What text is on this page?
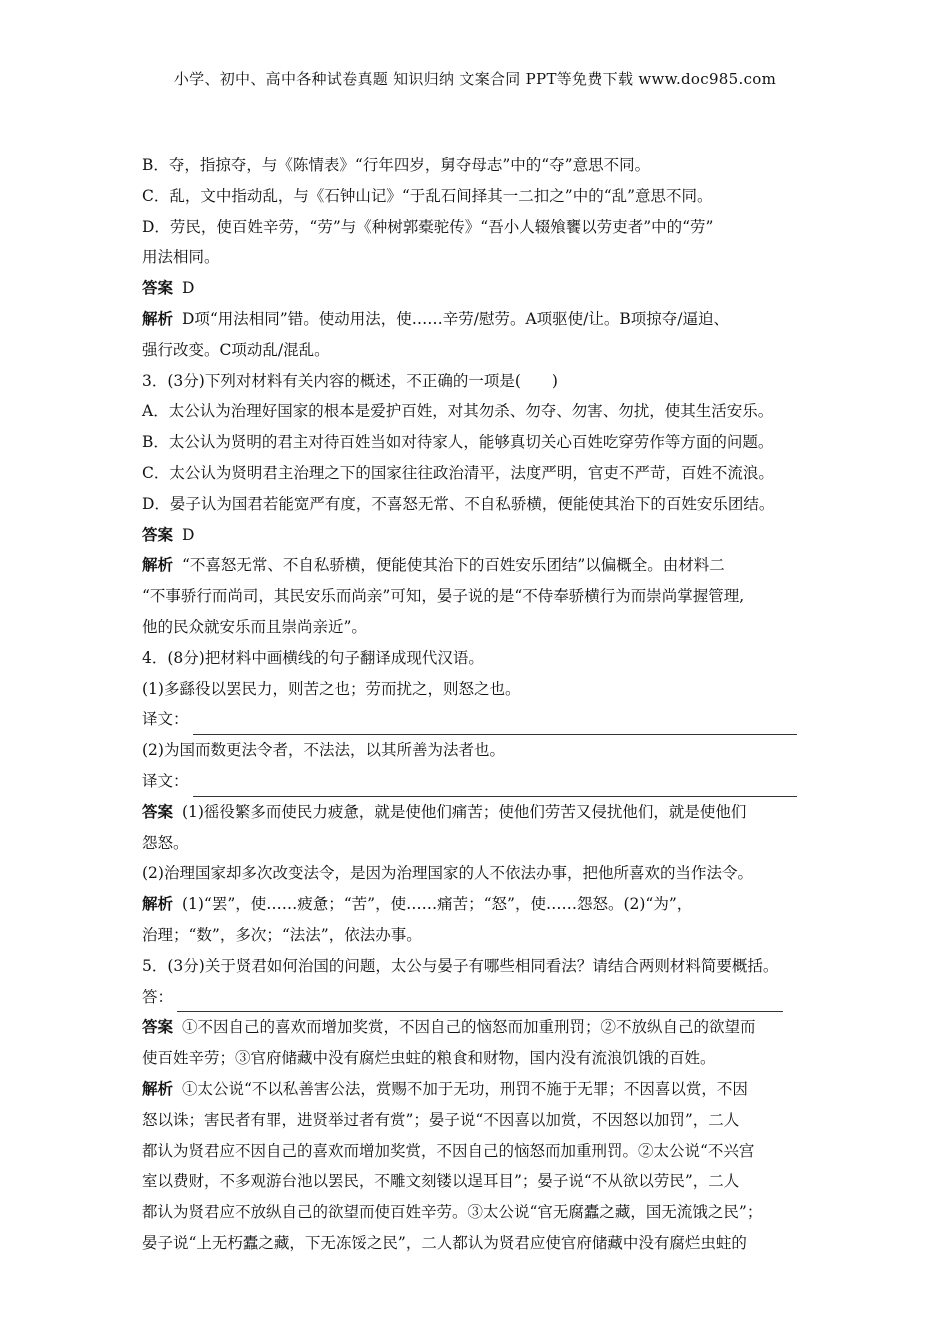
小学、初中、高中各种试卷真题 知识归纳 文案合同 PPT等免费下载 www.doc985.com
B．夺，指掠夺，与《陈情表》“行年四岁，舅夺母志”中的“夺”意思不同。
C．乱，文中指动乱，与《石钟山记》“于乱石间择其一二扣之”中的“乱”意思不同。
D．劳民，使百姓辛劳，“劳”与《种树郭橐驼传》“吾小人辍飧饔以劳吏者”中的“劳”
用法相同。
答案 D
解析 D项“用法相同”错。使动用法，使……辛劳/慰劳。A项驱使/让。B项掠夺/逼迫、
强行改变。C项动乱/混乱。
3．(3分)下列对材料有关内容的概述，不正确的一项是(　　)
A．太公认为治理好国家的根本是爱护百姓，对其勿杀、勿夺、勿害、勿扰，使其生活安乐。
B．太公认为贤明的君主对待百姓当如对待家人，能够真切关心百姓吃穿劳作等方面的问题。
C．太公认为贤明君主治理之下的国家往往政治清平，法度严明，官吏不严苛，百姓不流浪。
D．晏子认为国君若能宽严有度，不喜怒无常、不自私骄横，便能使其治下的百姓安乐团结。
答案 D
解析 “不喜怒无常、不自私骄横，便能使其治下的百姓安乐团结”以偏概全。由材料二
“不事骄行而尚司，其民安乐而尚亲”可知，晏子说的是“不侍奉骄横行为而崇尚掌握管理,
他的民众就安乐而且崇尚亲近”。
4．(8分)把材料中画横线的句子翻译成现代汉语。
(1)多繇役以罢民力，则苦之也；劳而扰之，则怒之也。
译文：
(2)为国而数更法令者，不法法，以其所善为法者也。
译文：
答案 (1)徭役繁多而使民力疲惫，就是使他们痛苦；使他们劳苦又侵扰他们，就是使他们
怨怒。
(2)治理国家却多次改变法令，是因为治理国家的人不依法办事，把他所喜欢的当作法令。
解析 (1)“罢”，使……疲惫；“苦”，使……痛苦；“怒”，使……怨怒。(2)“为”，
治理；“数”，多次；“法法”，依法办事。
5．(3分)关于贤君如何治国的问题，太公与晏子有哪些相同看法？请结合两则材料简要概括。
答：
答案 ①不因自己的喜欢而增加奖赏，不因自己的恼怒而加重刑罚；②不放纵自己的欲望而
使百姓辛劳；③官府储藏中没有腐烂虫蛀的粮食和财物，国内没有流浪饥饿的百姓。
解析 ①太公说“不以私善害公法，赏赐不加于无功，刑罚不施于无罪；不因喜以赏，不因
怒以诛；害民者有罪，进贤举过者有赏”；晏子说“不因喜以加赏，不因怒以加罚”，二人
都认为贤君应不因自己的喜欢而增加奖赏，不因自己的恼怒而加重刑罚。②太公说“不兴宫
室以费财，不多观游台池以罢民，不雕文刻镂以逞耳目”；晏子说“不从欲以劳民”，二人
都认为贤君应不放纵自己的欲望而使百姓辛劳。③太公说“官无腐蠹之藏，国无流饿之民”；
晏子说“上无朽蠹之藏，下无冻馁之民”，二人都认为贤君应使官府储藏中没有腐烂虫蛀的
